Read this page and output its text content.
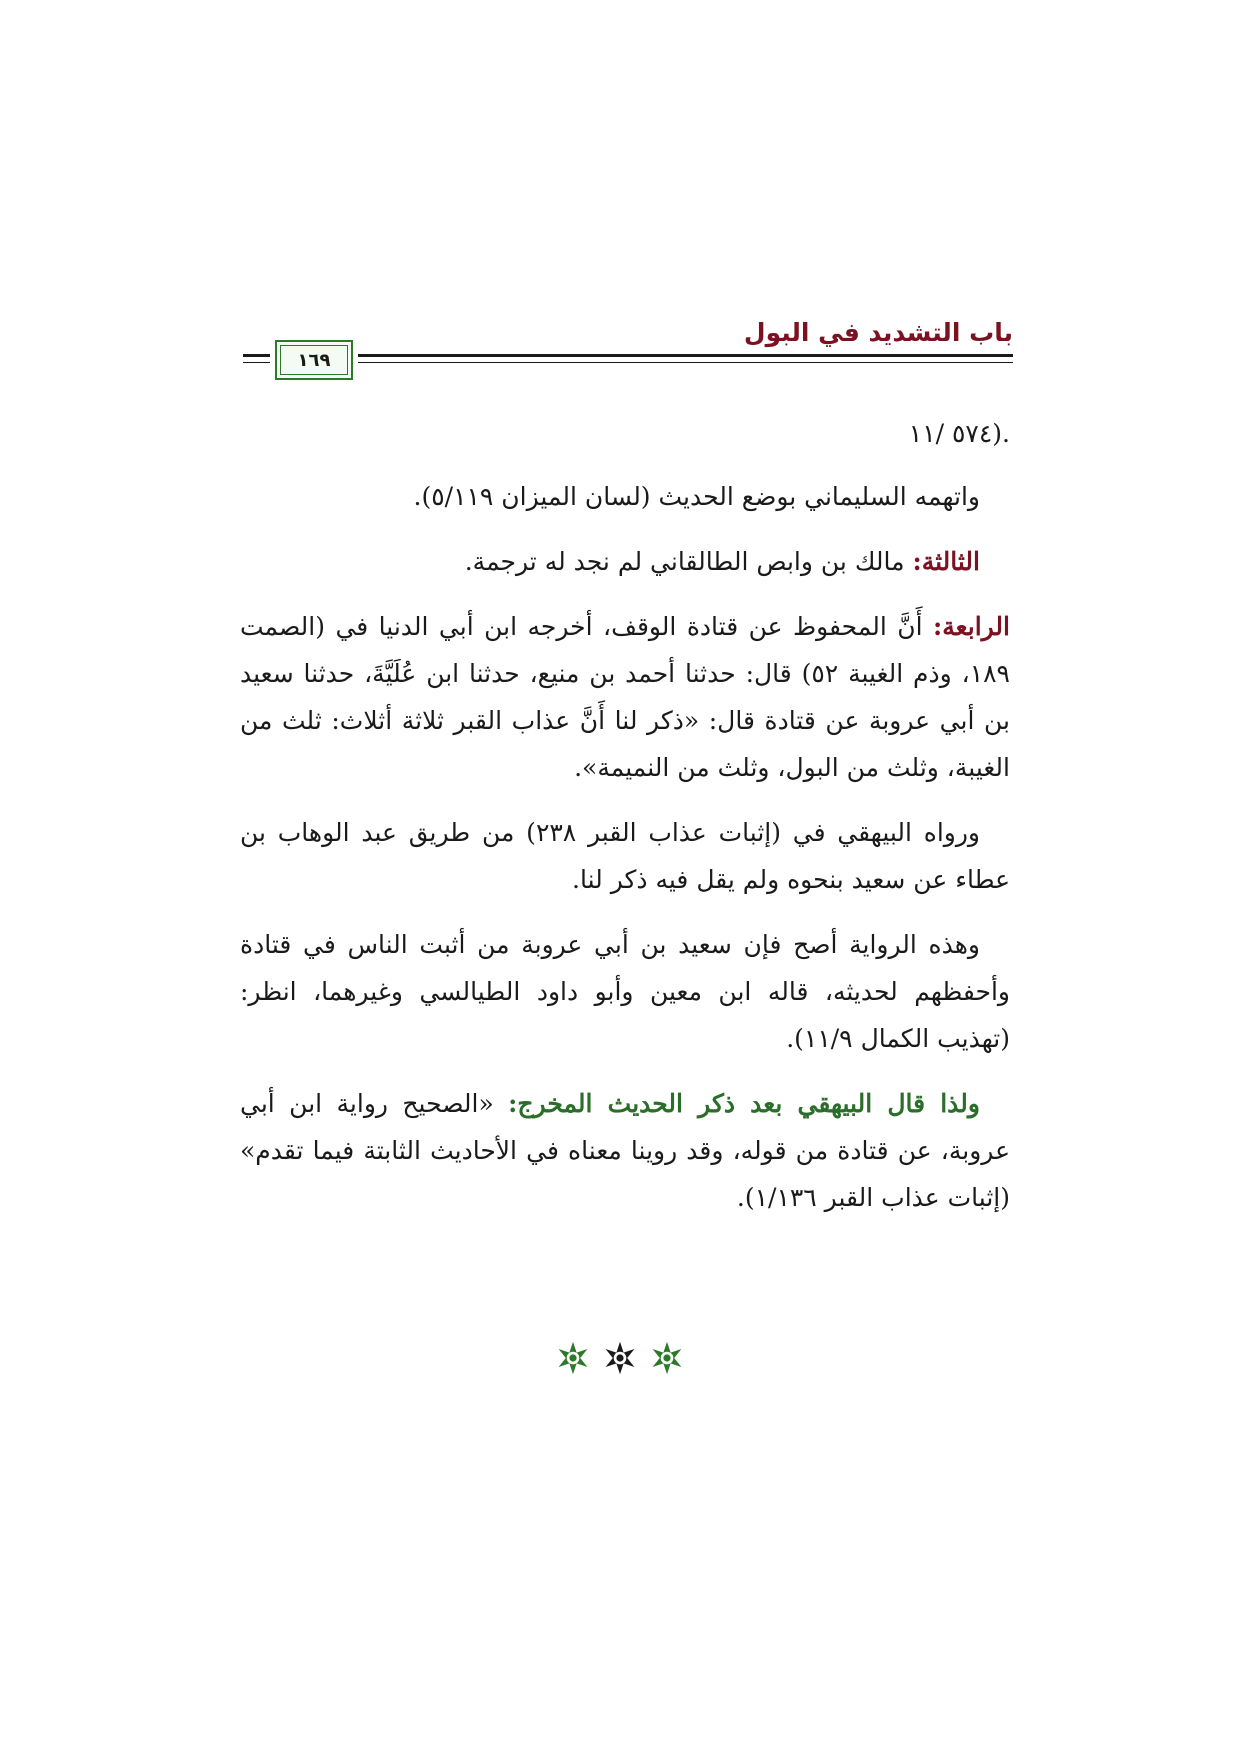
باب التشديد في البول
١٦٩

.(٥٧٤ /١١

واتهمه السليماني بوضع الحديث (لسان الميزان ٥/١١٩).

الثالثة: مالك بن وابص الطالقاني لم نجد له ترجمة.

الرابعة: أَنَّ المحفوظ عن قتادة الوقف، أخرجه ابن أبي الدنيا في (الصمت ١٨٩، وذم الغيبة ٥٢) قال: حدثنا أحمد بن منيع، حدثنا ابن عُلَيَّةَ، حدثنا سعيد بن أبي عروبة عن قتادة قال: «ذكر لنا أَنَّ عذاب القبر ثلاثة أثلاث: ثلث من الغيبة، وثلث من البول، وثلث من النميمة».

ورواه البيهقي في (إثبات عذاب القبر ٢٣٨) من طريق عبد الوهاب بن عطاء عن سعيد بنحوه ولم يقل فيه ذكر لنا.

وهذه الرواية أصح فإن سعيد بن أبي عروبة من أثبت الناس في قتادة وأحفظهم لحديثه، قاله ابن معين وأبو داود الطيالسي وغيرهما، انظر: (تهذيب الكمال ١١/٩).

ولذا قال البيهقي بعد ذكر الحديث المخرج: «الصحيح رواية ابن أبي عروبة، عن قتادة من قوله، وقد روينا معناه في الأحاديث الثابتة فيما تقدم» (إثبات عذاب القبر ١/١٣٦).
